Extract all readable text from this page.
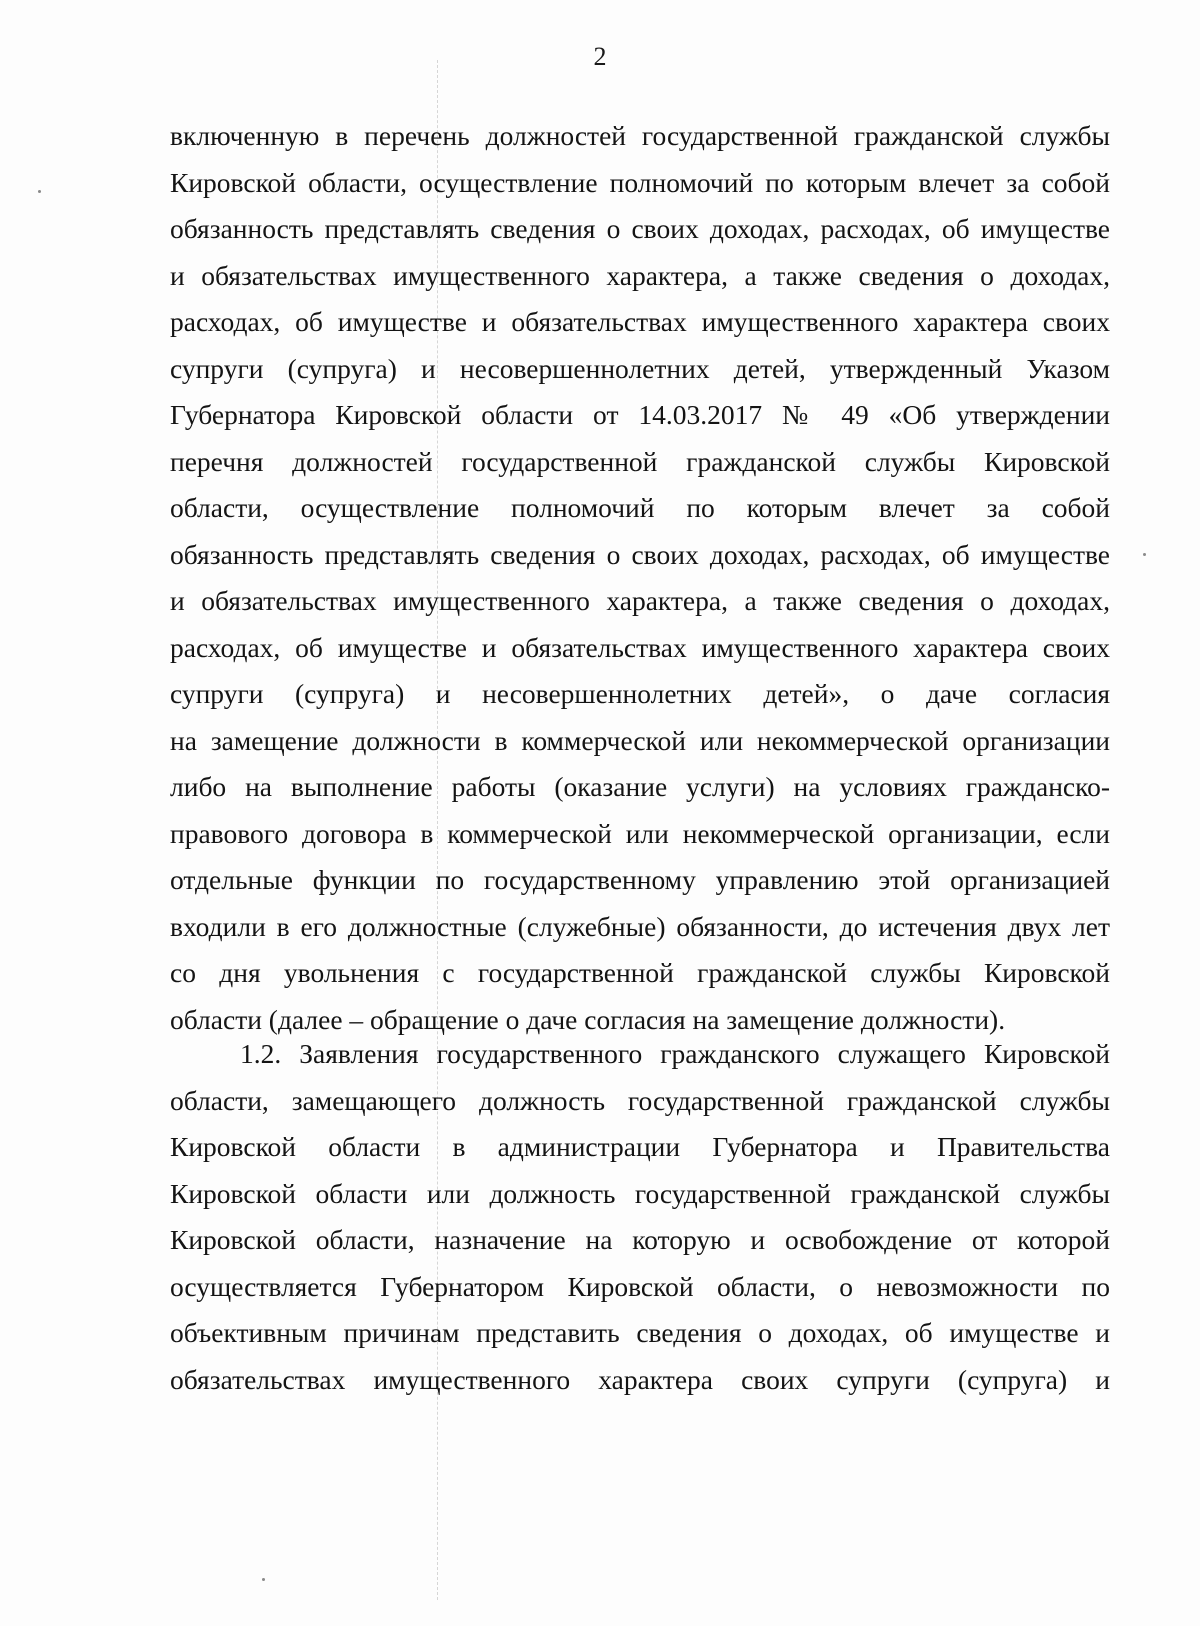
2
включенную в перечень должностей государственной гражданской службы
Кировской области, осуществление полномочий по которым влечет за собой
обязанность представлять сведения о своих доходах, расходах, об имуществе
и обязательствах имущественного характера, а также сведения о доходах,
расходах, об имуществе и обязательствах имущественного характера своих
супруги (супруга) и несовершеннолетних детей, утвержденный Указом
Губернатора Кировской области от 14.03.2017 № 49 «Об утверждении
перечня должностей государственной гражданской службы Кировской
области, осуществление полномочий по которым влечет за собой
обязанность представлять сведения о своих доходах, расходах, об имуществе
и обязательствах имущественного характера, а также сведения о доходах,
расходах, об имуществе и обязательствах имущественного характера своих
супруги (супруга) и несовершеннолетних детей», о даче согласия
на замещение должности в коммерческой или некоммерческой организации
либо на выполнение работы (оказание услуги) на условиях гражданско-
правового договора в коммерческой или некоммерческой организации, если
отдельные функции по государственному управлению этой организацией
входили в его должностные (служебные) обязанности, до истечения двух лет
со дня увольнения с государственной гражданской службы Кировской
области (далее – обращение о даче согласия на замещение должности).
1.2. Заявления государственного гражданского служащего Кировской
области, замещающего должность государственной гражданской службы
Кировской области в администрации Губернатора и Правительства
Кировской области или должность государственной гражданской службы
Кировской области, назначение на которую и освобождение от которой
осуществляется Губернатором Кировской области, о невозможности по
объективным причинам представить сведения о доходах, об имуществе и
обязательствах имущественного характера своих супруги (супруга) и
